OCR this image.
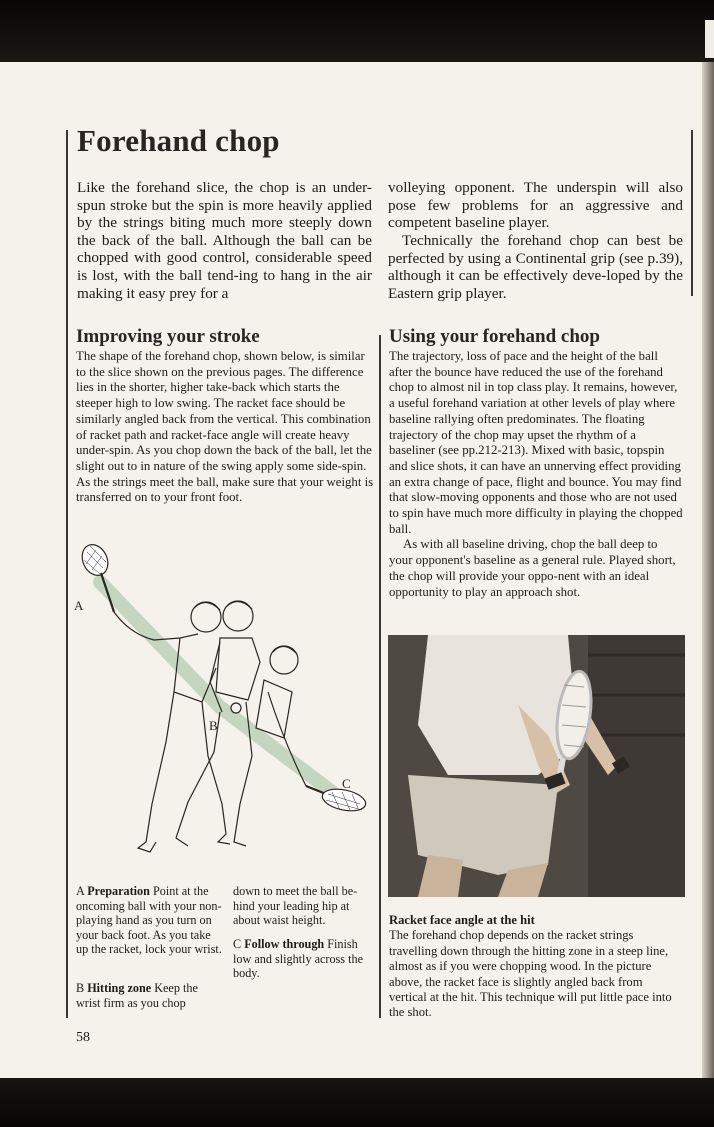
Forehand chop

Like the forehand slice, the chop is an under-spun stroke but the spin is more heavily applied by the strings biting much more steeply down the back of the ball. Although the ball can be chopped with good control, considerable speed is lost, with the ball tend-ing to hang in the air making it easy prey for a

volleying opponent. The underspin will also pose few problems for an aggressive and competent baseline player.

Technically the forehand chop can best be perfected by using a Continental grip (see p.39), although it can be effectively deve-loped by the Eastern grip player.

Improving your stroke

The shape of the forehand chop, shown below, is similar to the slice shown on the previous pages. The difference lies in the shorter, higher take-back which starts the steeper high to low swing. The racket face should be similarly angled back from the vertical. This combination of racket path and racket-face angle will create heavy under-spin. As you chop down the back of the ball, let the slight out to in nature of the swing apply some side-spin. As the strings meet the ball, make sure that your weight is transferred on to your front foot.

Using your forehand chop

The trajectory, loss of pace and the height of the ball after the bounce have reduced the use of the forehand chop to almost nil in top class play. It remains, however, a useful forehand variation at other levels of play where baseline rallying often predominates. The floating trajectory of the chop may upset the rhythm of a baseliner (see pp.212-213). Mixed with basic, topspin and slice shots, it can have an unnerving effect providing an extra change of pace, flight and bounce. You may find that slow-moving opponents and those who are not used to spin have much more difficulty in playing the chopped ball.

As with all baseline driving, chop the ball deep to your opponent's baseline as a general rule. Played short, the chop will provide your oppo-nent with an ideal opportunity to play an approach shot.

A
B
C
A Preparation Point at the oncoming ball with your non-playing hand as you turn on your back foot. As you take up the racket, lock your wrist.
B Hitting zone Keep the wrist firm as you chop
down to meet the ball be-hind your leading hip at about waist height.
C Follow through Finish low and slightly across the body.
Racket face angle at the hit
The forehand chop depends on the racket strings travelling down through the hitting zone in a steep line, almost as if you were chopping wood. In the picture above, the racket face is slightly angled back from vertical at the hit. This technique will put little pace into the shot.
58
